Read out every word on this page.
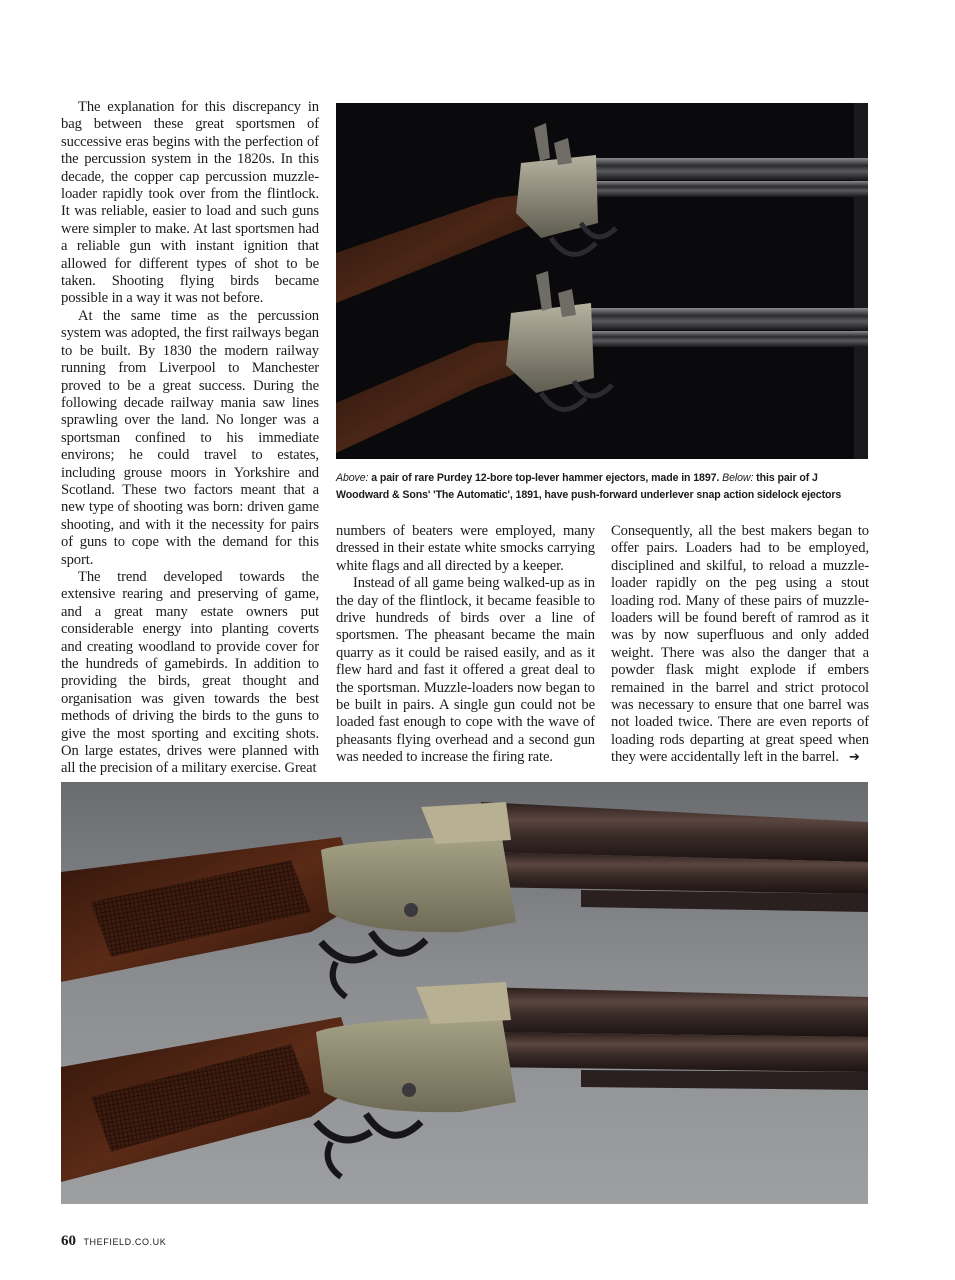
The explanation for this discrepancy in bag between these great sportsmen of successive eras begins with the perfection of the percussion system in the 1820s. In this decade, the copper cap percussion muzzle-loader rapidly took over from the flintlock. It was reliable, easier to load and such guns were simpler to make. At last sportsmen had a reliable gun with instant ignition that allowed for different types of shot to be taken. Shooting flying birds became possible in a way it was not before.

At the same time as the percussion system was adopted, the first railways began to be built. By 1830 the modern railway running from Liverpool to Manchester proved to be a great success. During the following decade railway mania saw lines sprawling over the land. No longer was a sportsman confined to his immediate environs; he could travel to estates, including grouse moors in Yorkshire and Scotland. These two factors meant that a new type of shooting was born: driven game shooting, and with it the necessity for pairs of guns to cope with the demand for this sport.

The trend developed towards the extensive rearing and preserving of game, and a great many estate owners put considerable energy into planting coverts and creating woodland to provide cover for the hundreds of gamebirds. In addition to providing the birds, great thought and organisation was given towards the best methods of driving the birds to the guns to give the most sporting and exciting shots. On large estates, drives were planned with all the precision of a military exercise. Great

numbers of beaters were employed, many dressed in their estate white smocks carrying white flags and all directed by a keeper.

Instead of all game being walked-up as in the day of the flintlock, it became feasible to drive hundreds of birds over a line of sportsmen. The pheasant became the main quarry as it could be raised easily, and as it flew hard and fast it offered a great deal to the sportsman. Muzzle-loaders now began to be built in pairs. A single gun could not be loaded fast enough to cope with the wave of pheasants flying overhead and a second gun was needed to increase the firing rate.

Consequently, all the best makers began to offer pairs. Loaders had to be employed, disciplined and skilful, to reload a muzzle-loader rapidly on the peg using a stout loading rod. Many of these pairs of muzzle-loaders will be found bereft of ramrod as it was by now superfluous and only added weight. There was also the danger that a powder flask might explode if embers remained in the barrel and strict protocol was necessary to ensure that one barrel was not loaded twice. There are even reports of loading rods departing at great speed when they were accidentally left in the barrel. ➔

Above: a pair of rare Purdey 12-bore top-lever hammer ejectors, made in 1897. Below: this pair of J Woodward & Sons' 'The Automatic', 1891, have push-forward underlever snap action sidelock ejectors
60 THEFIELD.CO.UK
